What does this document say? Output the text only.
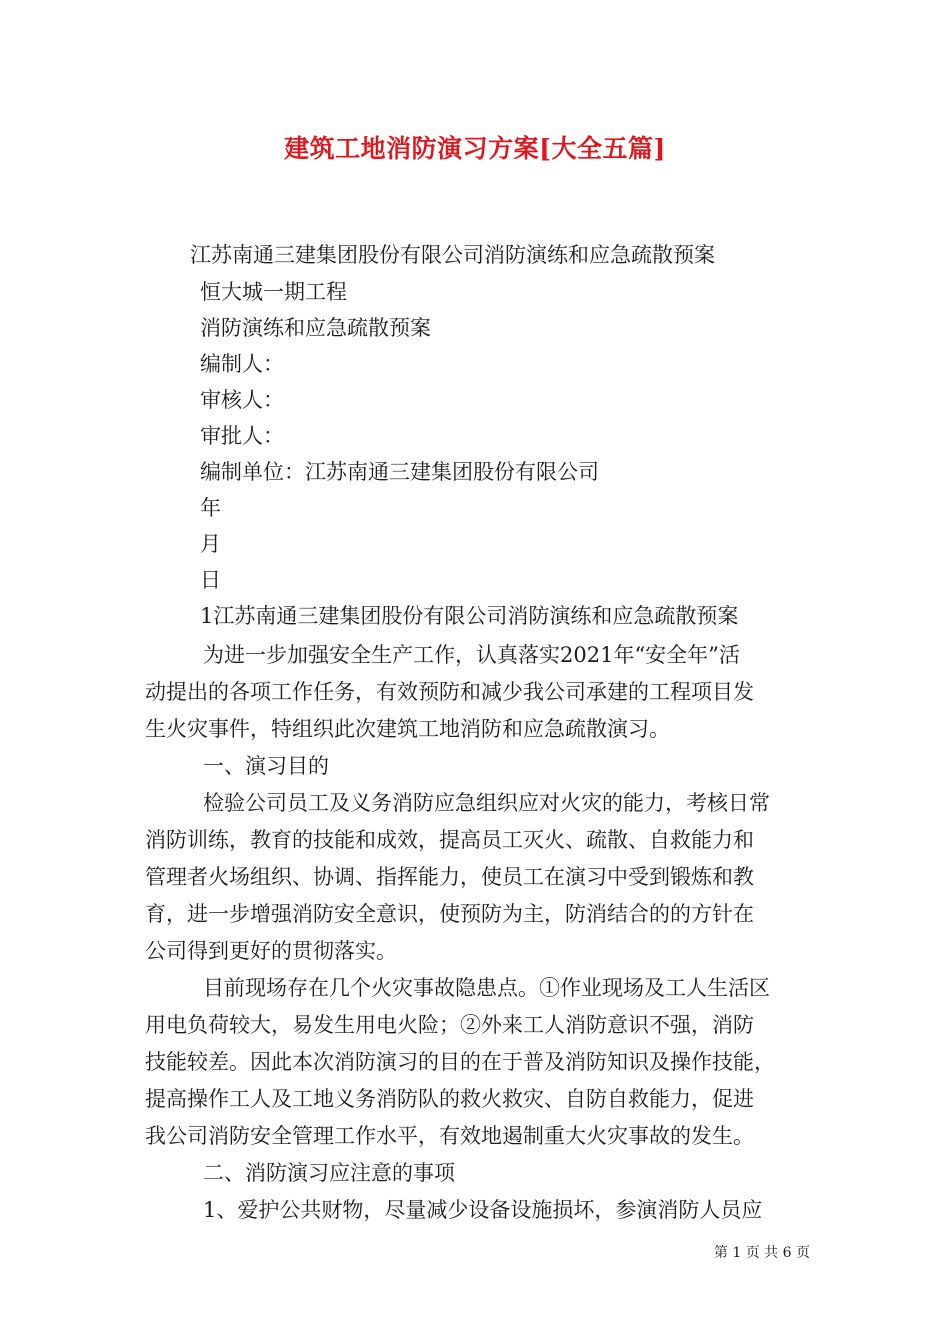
建筑工地消防演习方案[大全五篇]
江苏南通三建集团股份有限公司消防演练和应急疏散预案
恒大城一期工程
消防演练和应急疏散预案
编制人：
审核人：
审批人：
编制单位：江苏南通三建集团股份有限公司
年
月
日
1江苏南通三建集团股份有限公司消防演练和应急疏散预案
为进一步加强安全生产工作，认真落实2021年“安全年”活
动提出的各项工作任务，有效预防和减少我公司承建的工程项目发
生火灾事件，特组织此次建筑工地消防和应急疏散演习。
一、演习目的
检验公司员工及义务消防应急组织应对火灾的能力，考核日常
消防训练，教育的技能和成效，提高员工灭火、疏散、自救能力和
管理者火场组织、协调、指挥能力，使员工在演习中受到锻炼和教
育，进一步增强消防安全意识，使预防为主，防消结合的的方针在
公司得到更好的贯彻落实。
目前现场存在几个火灾事故隐患点。①作业现场及工人生活区
用电负荷较大，易发生用电火险；②外来工人消防意识不强，消防
技能较差。因此本次消防演习的目的在于普及消防知识及操作技能，
提高操作工人及工地义务消防队的救火救灾、自防自救能力，促进
我公司消防安全管理工作水平，有效地遏制重大火灾事故的发生。
二、消防演习应注意的事项
1、爱护公共财物，尽量减少设备设施损坏，参演消防人员应
第 1 页 共 6 页
